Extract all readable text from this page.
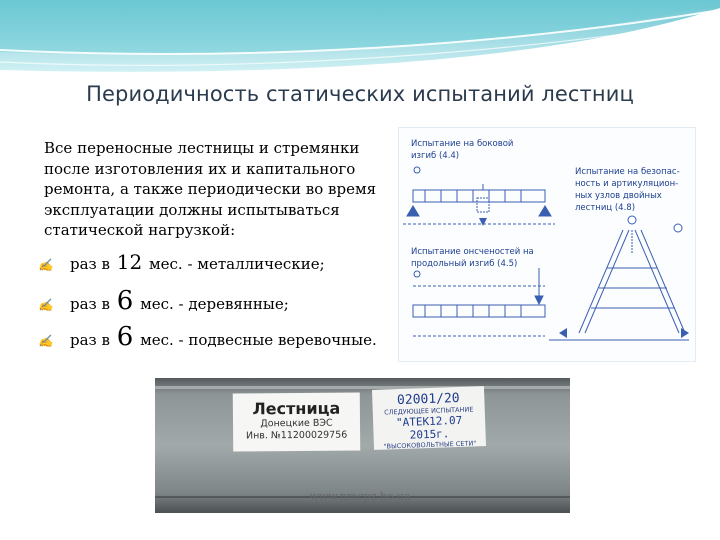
Периодичность статических испытаний лестниц
Все переносные лестницы и стремянки после изготовления их и капитального ремонта, а также периодически во время эксплуатации должны испытываться статической нагрузкой:
✍	раз в
12
мес. - металлические;
✍	раз в
6
мес. - деревянные;
✍	раз в
6
мес. - подвесные веревочные.
Испытание на боковой
изгиб (4.4)
Испытание онсченостей на
продольный изгиб (4.5)
Испытание на безопас-
ность и артикуляцион-
ных узлов двойных
лестниц (4.8)
Лестница
Донецкие ВЭС
Инв. №11200029756
02001/20
СЛЕДУЮЩЕЕ ИСПЫТАНИЕ
"АТЕК12.07 2015г.
"ВЫСОКОВОЛЬТНЫЕ СЕТИ"
www.nmcpz.ho.ua
